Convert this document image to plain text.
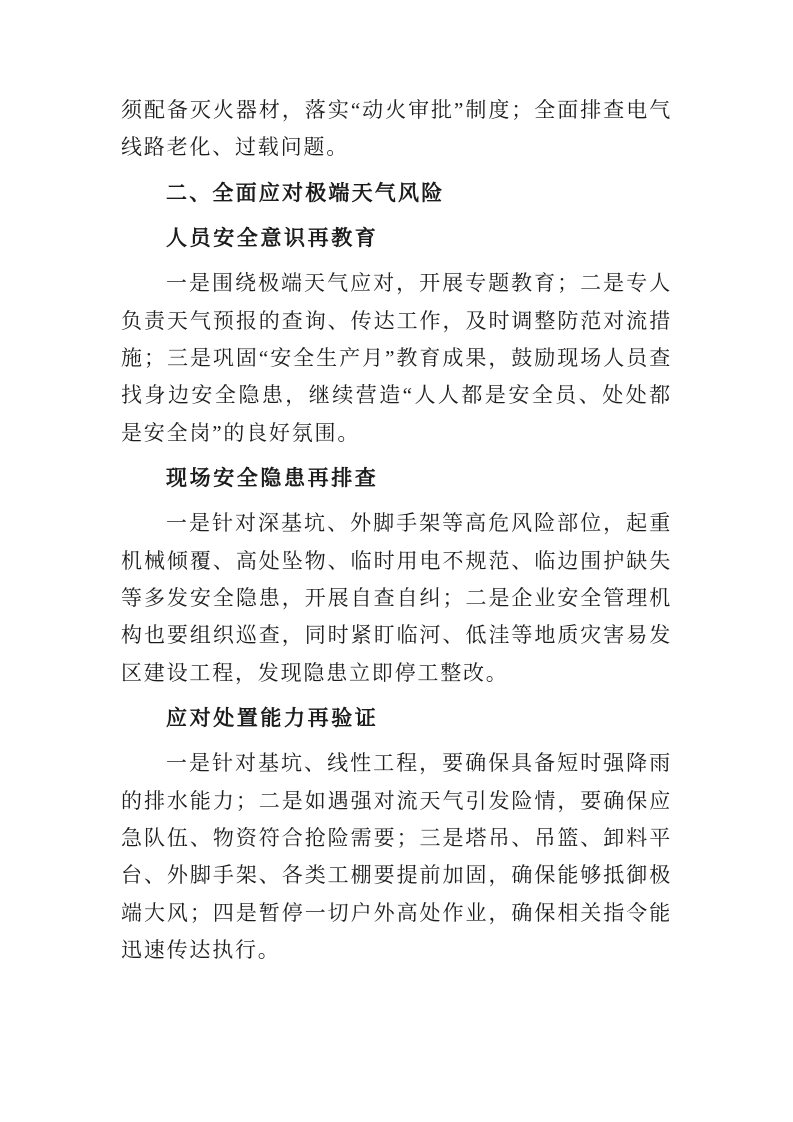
须配备灭火器材，落实“动火审批”制度；全面排查电气线路老化、过载问题。

二、全面应对极端天气风险

人员安全意识再教育

一是围绕极端天气应对，开展专题教育；二是专人负责天气预报的查询、传达工作，及时调整防范对流措施；三是巩固“安全生产月”教育成果，鼓励现场人员查找身边安全隐患，继续营造“人人都是安全员、处处都是安全岗”的良好氛围。

现场安全隐患再排查

一是针对深基坑、外脚手架等高危风险部位，起重机械倾覆、高处坠物、临时用电不规范、临边围护缺失等多发安全隐患，开展自查自纠；二是企业安全管理机构也要组织巡查，同时紧盯临河、低洼等地质灾害易发区建设工程，发现隐患立即停工整改。

应对处置能力再验证

一是针对基坑、线性工程，要确保具备短时强降雨的排水能力；二是如遇强对流天气引发险情，要确保应急队伍、物资符合抢险需要；三是塔吊、吊篮、卸料平台、外脚手架、各类工棚要提前加固，确保能够抵御极端大风；四是暂停一切户外高处作业，确保相关指令能迅速传达执行。
